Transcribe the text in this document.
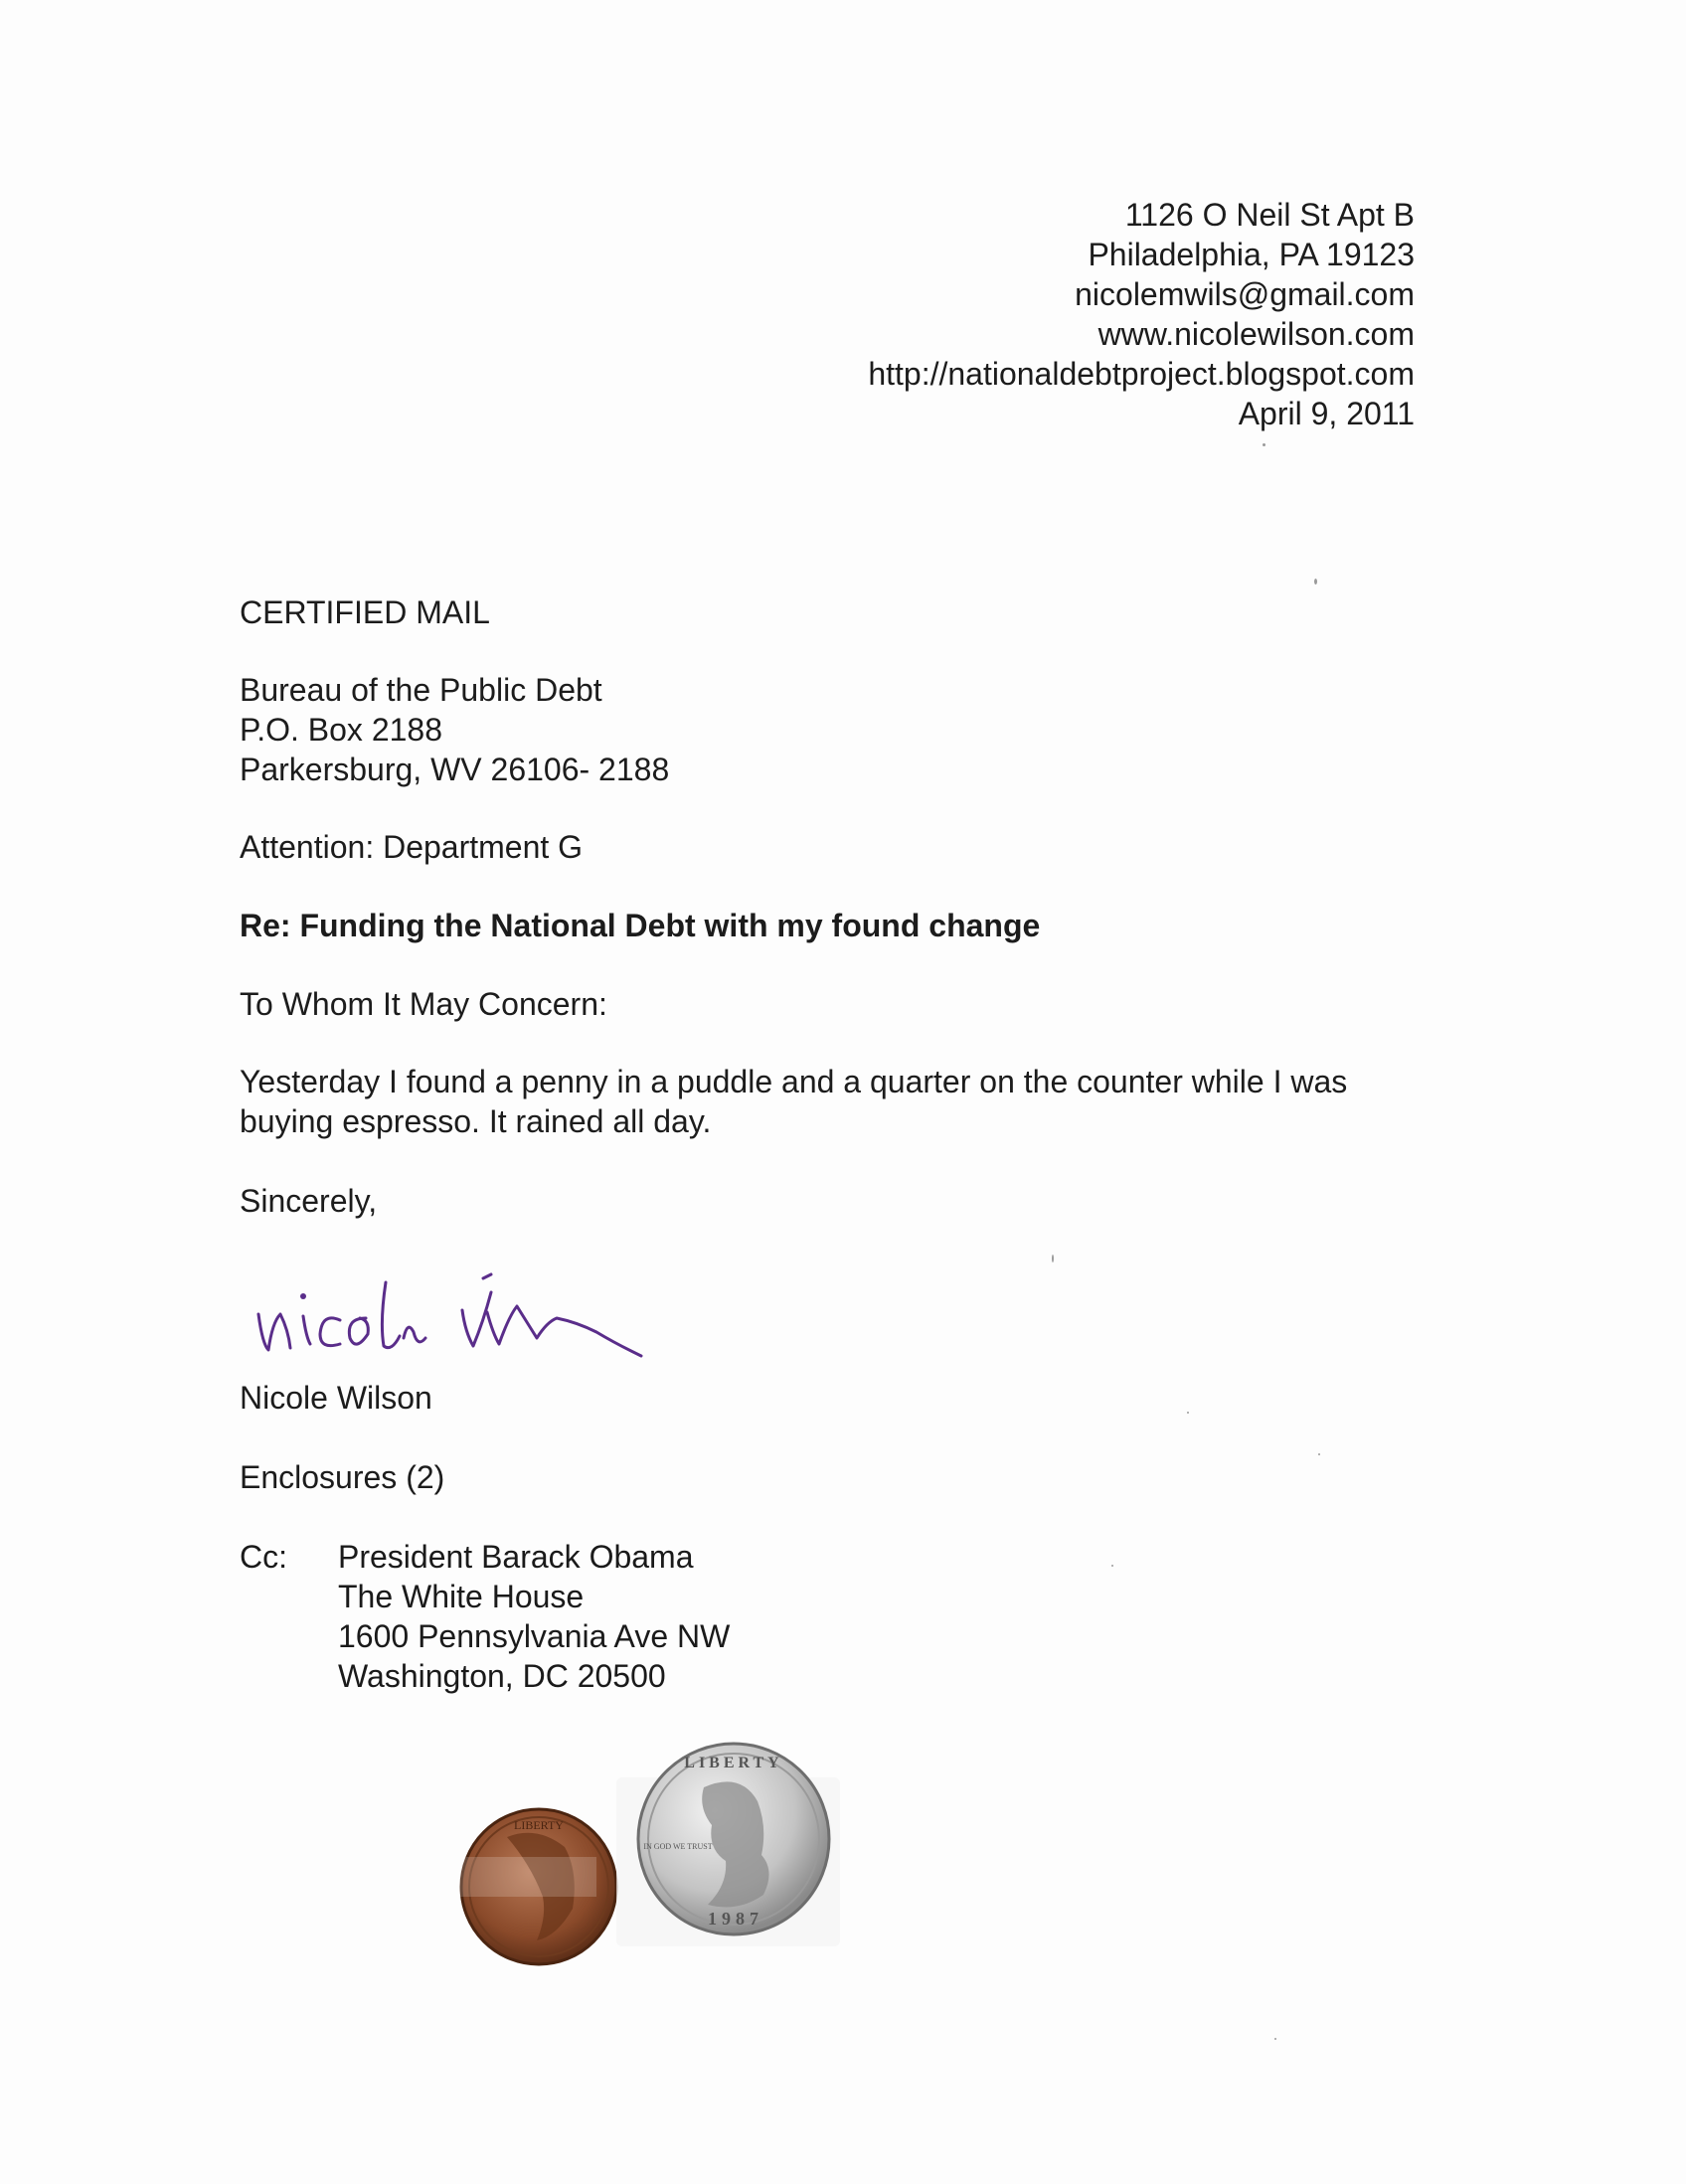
1126 O Neil St Apt B
Philadelphia, PA 19123
nicolemwils@gmail.com
www.nicolewilson.com
http://nationaldebtproject.blogspot.com
April 9, 2011
CERTIFIED MAIL
Bureau of the Public Debt
P.O. Box 2188
Parkersburg, WV 26106- 2188
Attention: Department G
Re: Funding the National Debt with my found change
To Whom It May Concern:
Yesterday I found a penny in a puddle and a quarter on the counter while I was
buying espresso. It rained all day.
Sincerely,
Nicole Wilson
Enclosures (2)
Cc: President Barack Obama
The White House
1600 Pennsylvania Ave NW
Washington, DC 20500
LIBERTY
LIBERTY
IN GOD WE TRUST
1987
